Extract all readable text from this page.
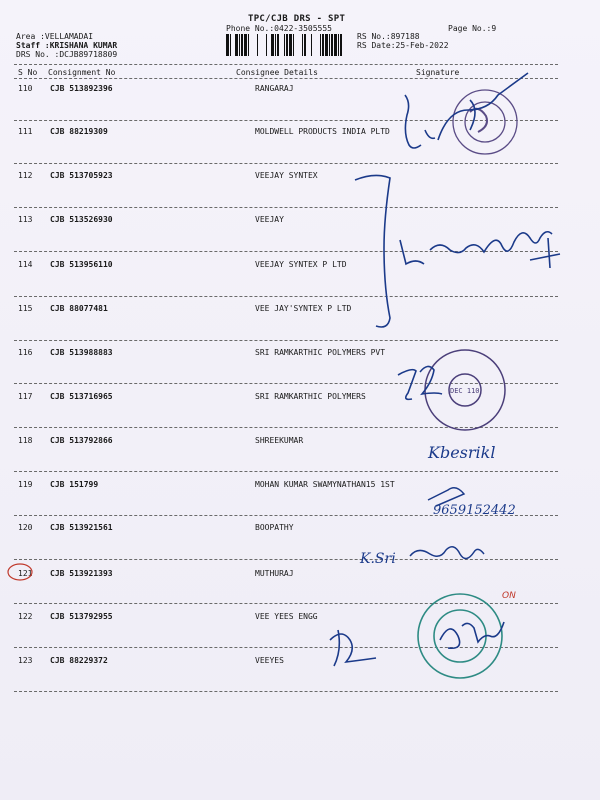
TPC/CJB DRS - SPT
Phone No.:0422-3505555	Page No.:9
Area :VELLAMADAI
Staff :KRISHANA KUMAR
DRS No. :DCJB89718809
RS No.:897188
RS Date:25-Feb-2022
S No Consignment No	Consignee Details	Signature
110 CJB 513892396	RANGARAJ
111 CJB 88219309	MOLDWELL PRODUCTS INDIA PLTD
112 CJB 513705923	VEEJAY SYNTEX
113 CJB 513526930	VEEJAY
114 CJB 513956110	VEEJAY SYNTEX P LTD
115 CJB 88077481	VEE JAY'SYNTEX P LTD
116 CJB 513988883	SRI RAMKARTHIC POLYMERS PVT
117 CJB 513716965	SRI RAMKARTHIC POLYMERS
118 CJB 513792866	SHREEKUMAR
119 CJB 151799	MOHAN KUMAR SWAMYNATHAN15 1ST
120 CJB 513921561	BOOPATHY
121 CJB 513921393	MUTHURAJ
122 CJB 513792955	VEE YEES ENGG
123 CJB 88229372	VEEYES
DEC 110
Kbesrikl
9659152442
K.Sri
ON
